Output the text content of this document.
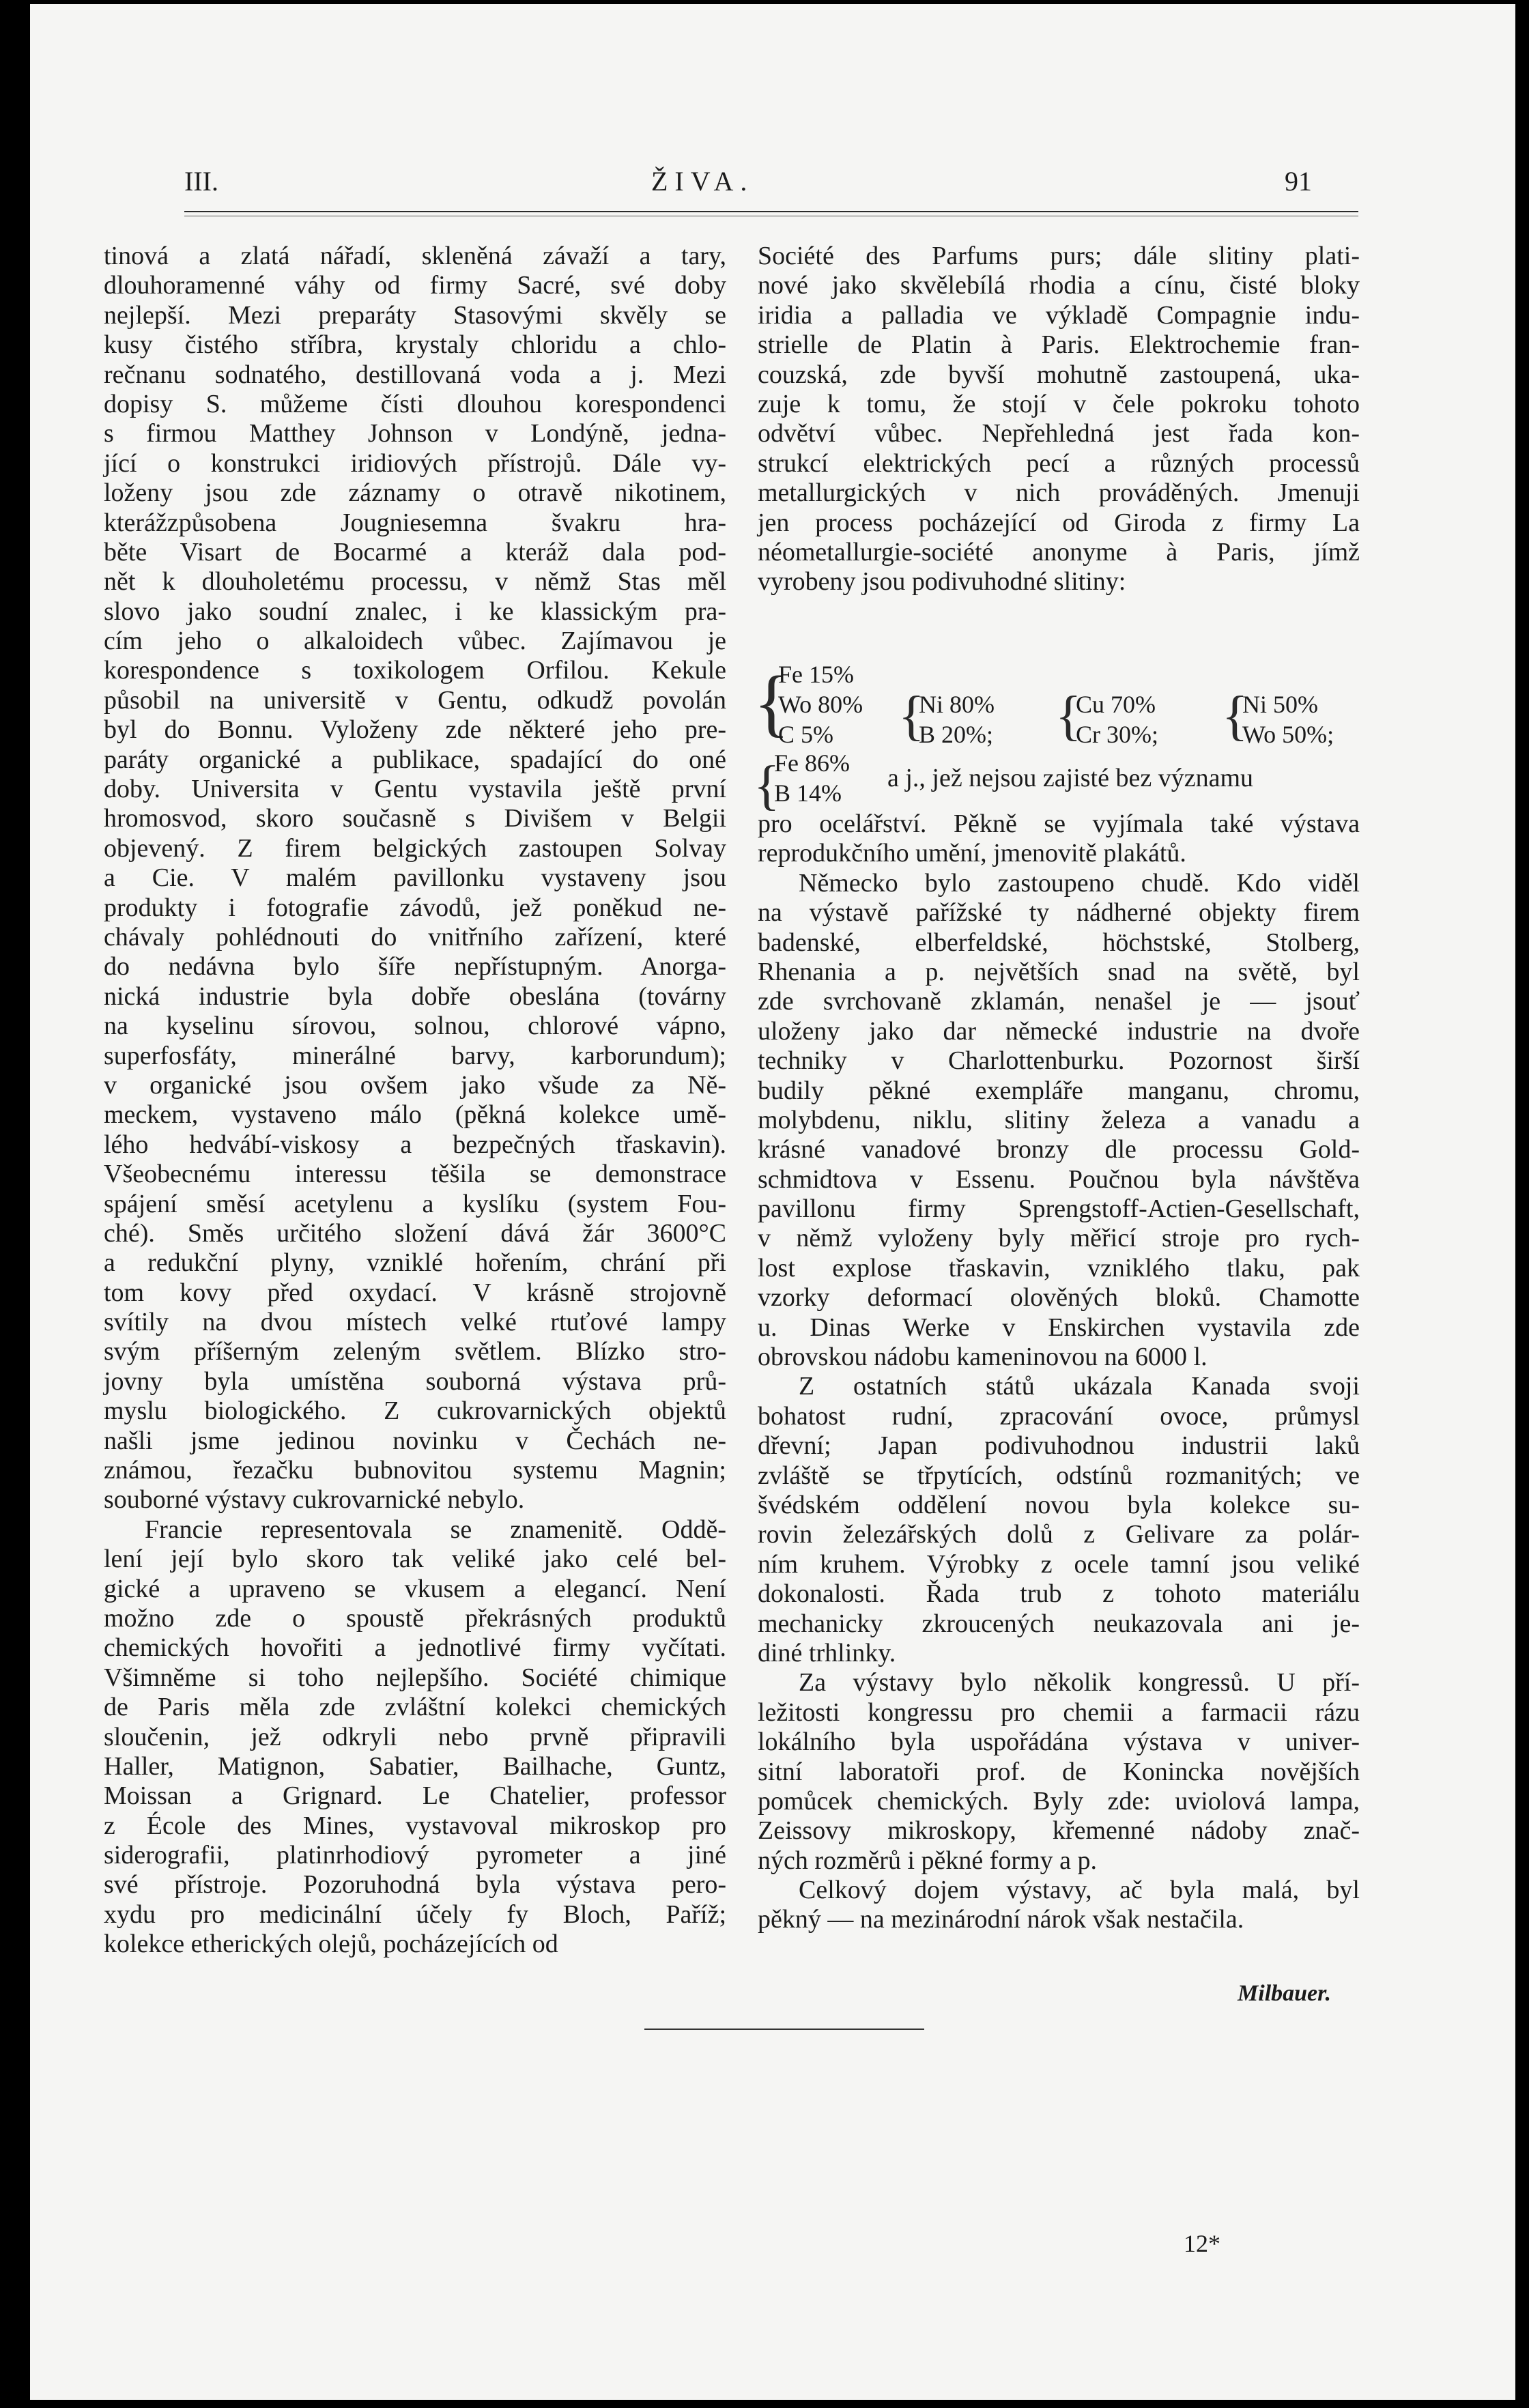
III.	ŽIVA.	91
tinová a zlatá nářadí, skleněná závaží a tary,
dlouhoramenné váhy od firmy Sacré, své doby
nejlepší. Mezi preparáty Stasovými skvěly se
kusy čistého stříbra, krystaly chloridu a chlo-
rečnanu sodnatého, destillovaná voda a j. Mezi
dopisy S. můžeme čísti dlouhou korespondenci
s firmou Matthey Johnson v Londýně, jedna-
jící o konstrukci iridiových přístrojů. Dále vy-
loženy jsou zde záznamy o otravě nikotinem,
kterážzpůsobena Jougniesemna švakru hra-
běte Visart de Bocarmé a kteráž dala pod-
nět k dlouholetému processu, v němž Stas měl
slovo jako soudní znalec, i ke klassickým pra-
cím jeho o alkaloidech vůbec. Zajímavou je
korespondence s toxikologem Orfilou. Kekule
působil na universitě v Gentu, odkudž povolán
byl do Bonnu. Vyloženy zde některé jeho pre-
paráty organické a publikace, spadající do oné
doby. Universita v Gentu vystavila ještě první
hromosvod, skoro současně s Divišem v Belgii
objevený. Z firem belgických zastoupen Solvay
a Cie. V malém pavillonku vystaveny jsou
produkty i fotografie závodů, jež poněkud ne-
chávaly pohlédnouti do vnitřního zařízení, které
do nedávna bylo šíře nepřístupným. Anorga-
nická industrie byla dobře obeslána (továrny
na kyselinu sírovou, solnou, chlorové vápno,
superfosfáty, minerálné barvy, karborundum);
v organické jsou ovšem jako všude za Ně-
meckem, vystaveno málo (pěkná kolekce umě-
lého hedvábí-viskosy a bezpečných třaskavin).
Všeobecnému interessu těšila se demonstrace
spájení směsí acetylenu a kyslíku (system Fou-
ché). Směs určitého složení dává žár 3600°C
a redukční plyny, vzniklé hořením, chrání při
tom kovy před oxydací. V krásně strojovně
svítily na dvou místech velké rtuťové lampy
svým příšerným zeleným světlem. Blízko stro-
jovny byla umístěna souborná výstava prů-
myslu biologického. Z cukrovarnických objektů
našli jsme jedinou novinku v Čechách ne-
známou, řezačku bubnovitou systemu Magnin;
souborné výstavy cukrovarnické nebylo.
Francie representovala se znamenitě. Oddě-
lení její bylo skoro tak veliké jako celé bel-
gické a upraveno se vkusem a elegancí. Není
možno zde o spoustě překrásných produktů
chemických hovořiti a jednotlivé firmy vyčítati.
Všimněme si toho nejlepšího. Société chimique
de Paris měla zde zvláštní kolekci chemických
sloučenin, jež odkryli nebo prvně připravili
Haller, Matignon, Sabatier, Bailhache, Guntz,
Moissan a Grignard. Le Chatelier, professor
z École des Mines, vystavoval mikroskop pro
siderografii, platinrhodiový pyrometer a jiné
své přístroje. Pozoruhodná byla výstava pero-
xydu pro medicinální účely fy Bloch, Paříž;
kolekce etherických olejů, pocházejících od
Société des Parfums purs; dále slitiny plati-
nové jako skvělebílá rhodia a cínu, čisté bloky
iridia a palladia ve výkladě Compagnie indu-
strielle de Platin à Paris. Elektrochemie fran-
couzská, zde byvší mohutně zastoupená, uka-
zuje k tomu, že stojí v čele pokroku tohoto
odvětví vůbec. Nepřehledná jest řada kon-
strukcí elektrických pecí a různých processů
metallurgických v nich prováděných. Jmenuji
jen process pocházející od Giroda z firmy La
néometallurgie-société anonyme à Paris, jímž
vyrobeny jsou podivuhodné slitiny:
{
Fe 15%
Wo 80%
C 5%	{
Ni 80%
B 20%; {
Cu 70%
Cr 30%; {
Ni 50%
Wo 50%;
{
Fe 86%
B 14%
a j., jež nejsou zajisté bez významu
pro ocelářství. Pěkně se vyjímala také výstava
reprodukčního umění, jmenovitě plakátů.
Německo bylo zastoupeno chudě. Kdo viděl
na výstavě pařížské ty nádherné objekty firem
badenské, elberfeldské, höchstské, Stolberg,
Rhenania a p. největších snad na světě, byl
zde svrchovaně zklamán, nenašel je — jsouť
uloženy jako dar německé industrie na dvoře
techniky v Charlottenburku. Pozornost širší
budily pěkné exempláře manganu, chromu,
molybdenu, niklu, slitiny železa a vanadu a
krásné vanadové bronzy dle processu Gold-
schmidtova v Essenu. Poučnou byla návštěva
pavillonu firmy Sprengstoff-Actien-Gesellschaft,
v němž vyloženy byly měřicí stroje pro rych-
lost explose třaskavin, vzniklého tlaku, pak
vzorky deformací olověných bloků. Chamotte
u. Dinas Werke v Enskirchen vystavila zde
obrovskou nádobu kameninovou na 6000 l.
Z ostatních států ukázala Kanada svoji
bohatost rudní, zpracování ovoce, průmysl
dřevní; Japan podivuhodnou industrii laků
zvláště se třpytících, odstínů rozmanitých; ve
švédském oddělení novou byla kolekce su-
rovin železářských dolů z Gelivare za polár-
ním kruhem. Výrobky z ocele tamní jsou veliké
dokonalosti. Řada trub z tohoto materiálu
mechanicky zkroucených neukazovala ani je-
diné trhlinky.
Za výstavy bylo několik kongressů. U pří-
ležitosti kongressu pro chemii a farmacii rázu
lokálního byla uspořádána výstava v univer-
sitní laboratoři prof. de Konincka novějších
pomůcek chemických. Byly zde: uviolová lampa,
Zeissovy mikroskopy, křemenné nádoby znač-
ných rozměrů i pěkné formy a p.
Celkový dojem výstavy, ač byla malá, byl
pěkný — na mezinárodní nárok však nestačila.
Milbauer.
12*
